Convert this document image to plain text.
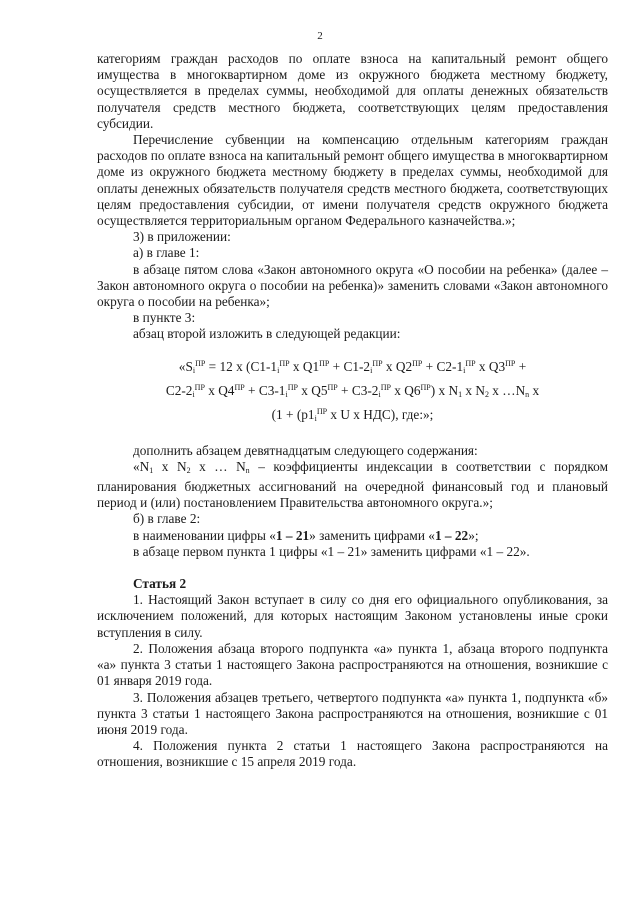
2

категориям граждан расходов по оплате взноса на капитальный ремонт общего имущества в многоквартирном доме из окружного бюджета местному бюджету, осуществляется в пределах суммы, необходимой для оплаты денежных обязательств получателя средств местного бюджета, соответствующих целям предоставления субсидии.

Перечисление субвенции на компенсацию отдельным категориям граждан расходов по оплате взноса на капитальный ремонт общего имущества в многоквартирном доме из окружного бюджета местному бюджету в пределах суммы, необходимой для оплаты денежных обязательств получателя средств местного бюджета, соответствующих целям предоставления субсидии, от имени получателя средств окружного бюджета осуществляется территориальным органом Федерального казначейства.»;

3) в приложении:

а) в главе 1:

в абзаце пятом слова «Закон автономного округа «О пособии на ребенка» (далее – Закон автономного округа о пособии на ребенка)» заменить словами «Закон автономного округа о пособии на ребенка»;

в пункте 3:

абзац второй изложить в следующей редакции:

«$S_i^{ПР} = 12$ x ($C1-1_i^{ПР}$ x $Q1^{ПР} + C1-2_i^{ПР}$ x $Q2^{ПР} + C2-1_i^{ПР}$ x $Q3^{ПР}$ +
$C2-2_i^{ПР}$ x $Q4^{ПР} + C3-1_i^{ПР}$ x $Q5^{ПР} + C3-2_i^{ПР}$ x $Q6^{ПР}$) x $N_1$ x $N_2$ x $\dots N_n$ x
($1 + (p1_i^{ПР}$ x U x НДС), где:»;

дополнить абзацем девятнадцатым следующего содержания:

«$N_1$ x $N_2$ x … $N_n$ – коэффициенты индексации в соответствии с порядком планирования бюджетных ассигнований на очередной финансовый год и плановый период и (или) постановлением Правительства автономного округа.»;

б) в главе 2:

в наименовании цифры «1 – 21» заменить цифрами «1 – 22»;

в абзаце первом пункта 1 цифры «1 – 21» заменить цифрами «1 – 22».

Статья 2

1. Настоящий Закон вступает в силу со дня его официального опубликования, за исключением положений, для которых настоящим Законом установлены иные сроки вступления в силу.

2. Положения абзаца второго подпункта «а» пункта 1, абзаца второго подпункта «а» пункта 3 статьи 1 настоящего Закона распространяются на отношения, возникшие с 01 января 2019 года.

3. Положения абзацев третьего, четвертого подпункта «а» пункта 1, подпункта «б» пункта 3 статьи 1 настоящего Закона распространяются на отношения, возникшие с 01 июня 2019 года.

4. Положения пункта 2 статьи 1 настоящего Закона распространяются на отношения, возникшие с 15 апреля 2019 года.
